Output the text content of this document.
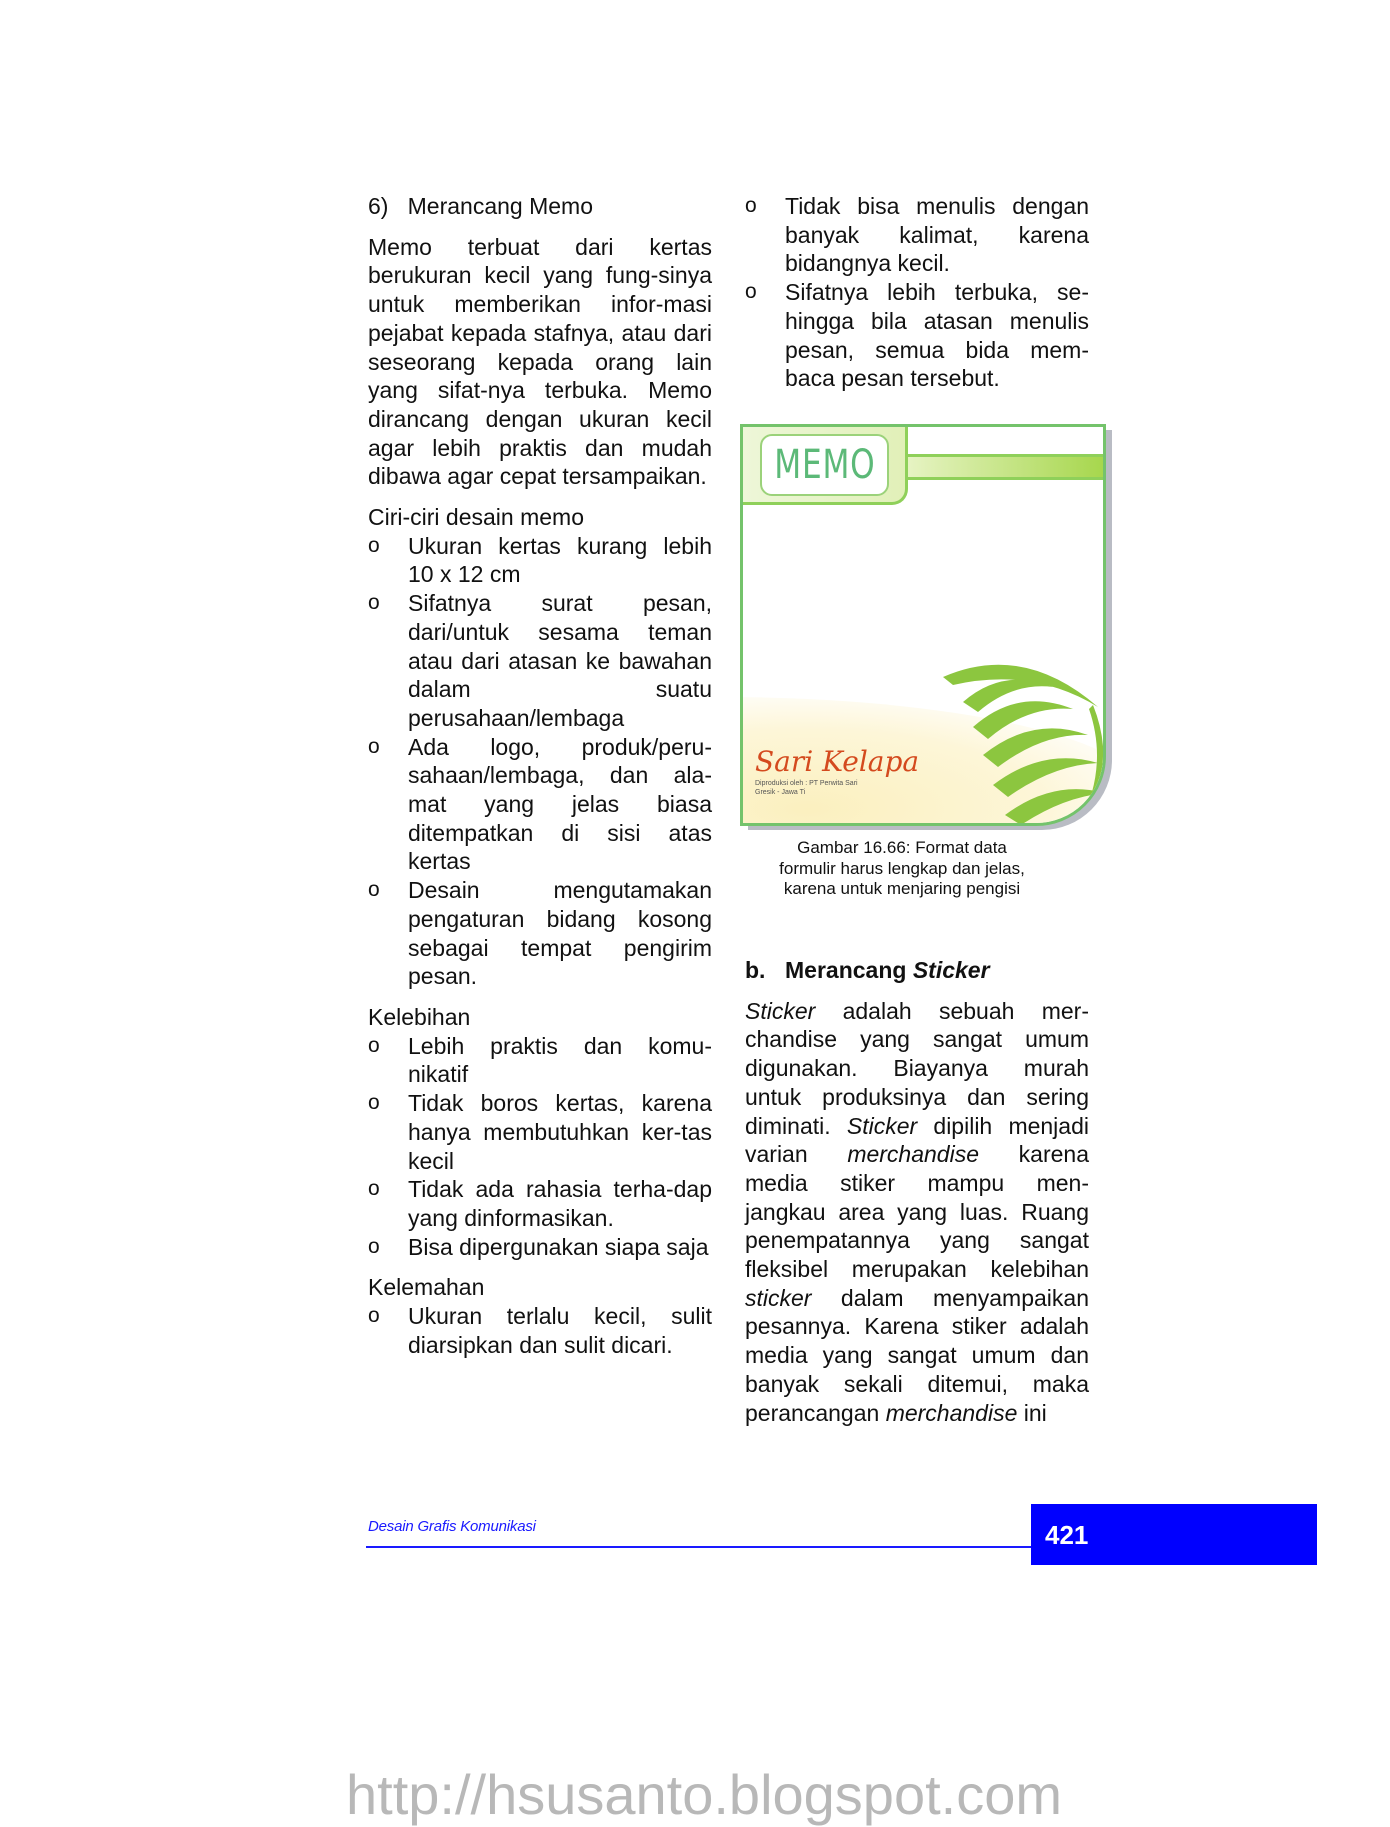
6)   Merancang Memo

Memo terbuat dari kertas berukuran kecil yang fung-sinya untuk memberikan infor-masi pejabat kepada stafnya, atau dari seseorang kepada orang lain yang sifat-nya terbuka. Memo dirancang dengan ukuran kecil agar lebih praktis dan mudah dibawa agar cepat tersampaikan.

Ciri-ciri desain memo

o Ukuran kertas kurang lebih 10 x 12 cm
o Sifatnya surat pesan, dari/untuk sesama teman atau dari atasan ke bawahan dalam suatu perusahaan/lembaga
o Ada logo, produk/peru-sahaan/lembaga, dan ala-mat yang jelas biasa ditempatkan di sisi atas kertas
o Desain mengutamakan pengaturan bidang kosong sebagai tempat pengirim pesan.

Kelebihan

o Lebih praktis dan komu-nikatif
o Tidak boros kertas, karena hanya membutuhkan ker-tas kecil
o Tidak ada rahasia terha-dap yang dinformasikan.
o Bisa dipergunakan siapa saja

Kelemahan

o Ukuran terlalu kecil, sulit diarsipkan dan sulit dicari.
o Tidak bisa menulis dengan banyak kalimat, karena bidangnya kecil.
o Sifatnya lebih terbuka, se-hingga bila atasan menulis pesan, semua bida mem-baca pesan tersebut.
MEMO
Sari Kelapa
Diproduksi oleh : PT Perwita Sari
Gresik - Jawa Ti
Gambar 16.66: Format data
formulir harus lengkap dan jelas,
karena untuk menjaring pengisi

b. Merancang Sticker

Sticker adalah sebuah mer-chandise yang sangat umum digunakan. Biayanya murah untuk produksinya dan sering diminati. Sticker dipilih menjadi varian merchandise karena media stiker mampu men-jangkau area yang luas. Ruang penempatannya yang sangat fleksibel merupakan kelebihan sticker dalam menyampaikan pesannya. Karena stiker adalah media yang sangat umum dan banyak sekali ditemui, maka perancangan merchandise ini

Desain Grafis Komunikasi	421
http://hsusanto.blogspot.com
